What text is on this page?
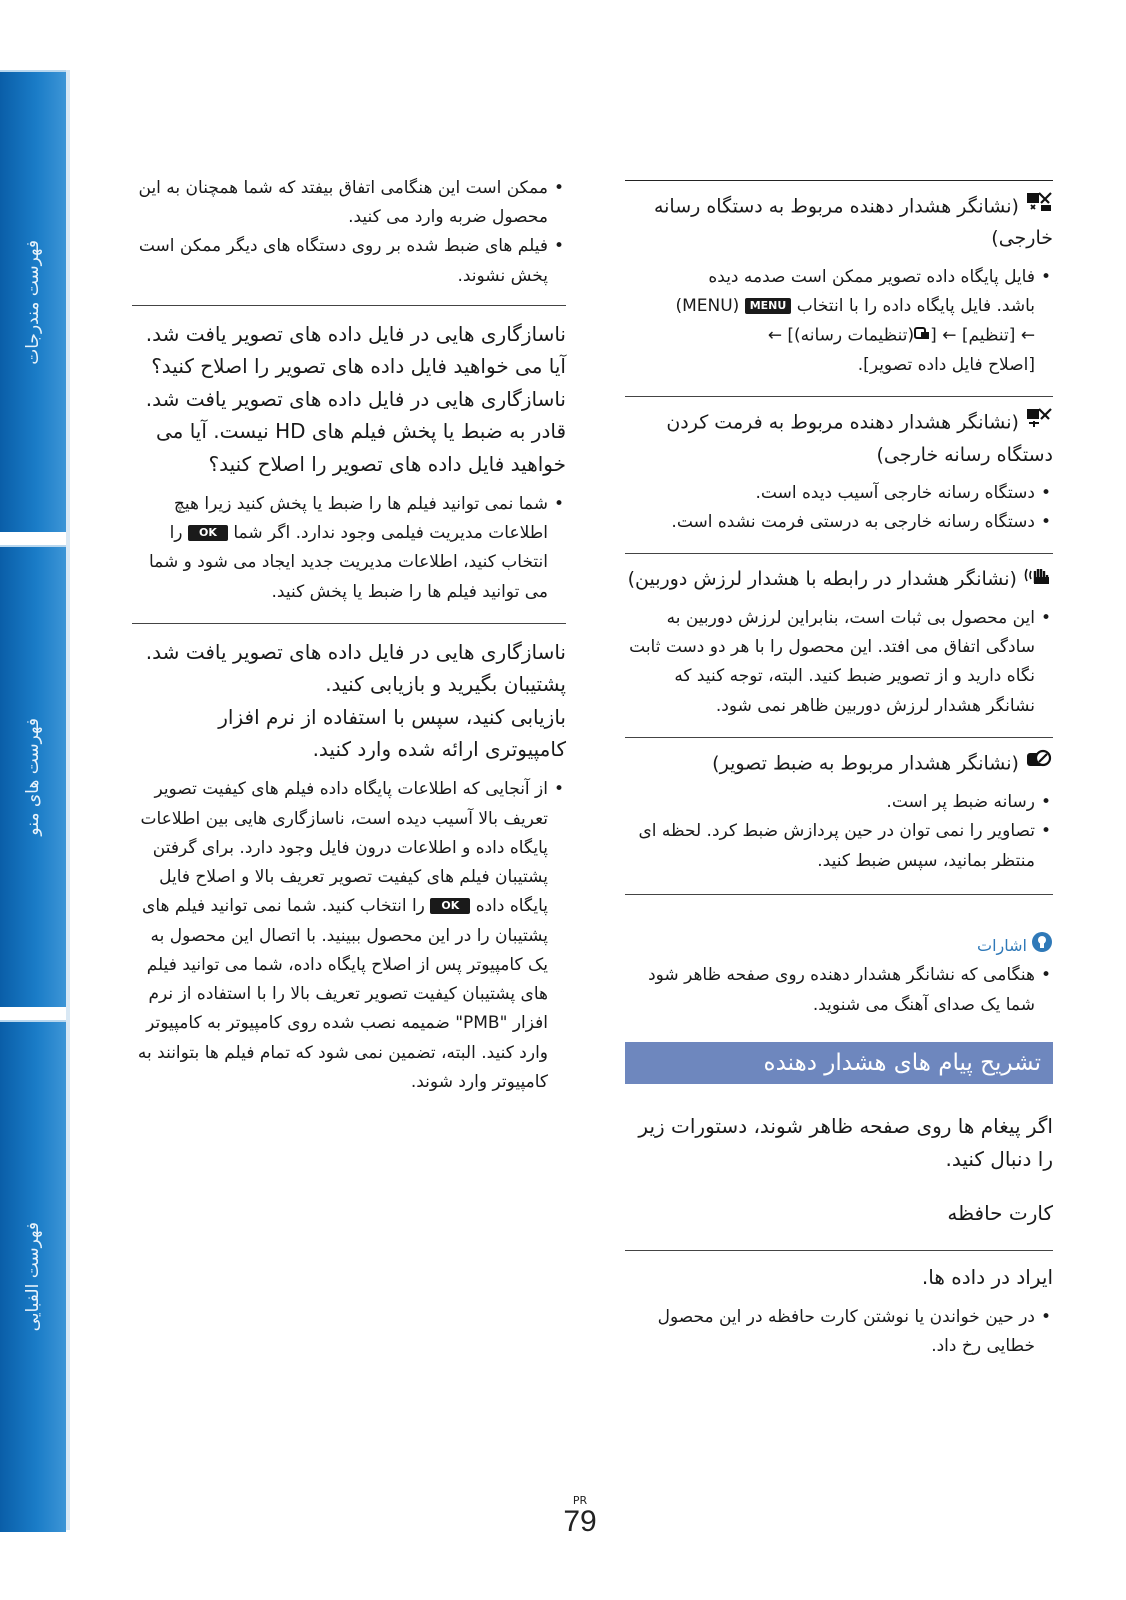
فهرست مندرجات
فهرست های منو
فهرست الفبایی

(نشانگر هشدار دهنده مربوط به دستگاه رسانه خارجی)

• فایل پایگاه داده تصویر ممکن است صدمه دیده
باشد. فایل پایگاه داده را با انتخاب MENU (MENU)
← [تنظیم] ← [(تنظیمات رسانه)] ←
[اصلاح فایل داده تصویر].

(نشانگر هشدار دهنده مربوط به فرمت کردن دستگاه رسانه خارجی)

• دستگاه رسانه خارجی آسیب دیده است.
• دستگاه رسانه خارجی به درستی فرمت نشده است.

(نشانگر هشدار در رابطه با هشدار لرزش دوربین)

• این محصول بی ثبات است، بنابراین لرزش دوربین به سادگی اتفاق می افتد. این محصول را با هر دو دست ثابت نگاه دارید و از تصویر ضبط کنید. البته، توجه کنید که نشانگر هشدار لرزش دوربین ظاهر نمی شود.

(نشانگر هشدار مربوط به ضبط تصویر)

• رسانه ضبط پر است.
• تصاویر را نمی توان در حین پردازش ضبط کرد. لحظه ای منتظر بمانید، سپس ضبط کنید.
اشارات
• هنگامی که نشانگر هشدار دهنده روی صفحه ظاهر شود شما یک صدای آهنگ می شنوید.
تشریح پیام های هشدار دهنده

اگر پیغام ها روی صفحه ظاهر شوند، دستورات زیر را دنبال کنید.

کارت حافظه

ایراد در داده ها.

• در حین خواندن یا نوشتن کارت حافظه در این محصول خطایی رخ داد.
• ممکن است این هنگامی اتفاق بیفتد که شما همچنان به این محصول ضربه وارد می کنید.
• فیلم های ضبط شده بر روی دستگاه های دیگر ممکن است پخش نشوند.

ناسازگاری هایی در فایل داده های تصویر یافت شد. آیا می خواهید فایل داده های تصویر را اصلاح کنید؟

ناسازگاری هایی در فایل داده های تصویر یافت شد. قادر به ضبط یا پخش فیلم های HD نیست. آیا می خواهید فایل داده های تصویر را اصلاح کنید؟

• شما نمی توانید فیلم ها را ضبط یا پخش کنید زیرا هیچ اطلاعات مدیریت فیلمی وجود ندارد. اگر شما OK را انتخاب کنید، اطلاعات مدیریت جدید ایجاد می شود و شما می توانید فیلم ها را ضبط یا پخش کنید.

ناسازگاری هایی در فایل داده های تصویر یافت شد. پشتیبان بگیرید و بازیابی کنید.

بازیابی کنید، سپس با استفاده از نرم افزار کامپیوتری ارائه شده وارد کنید.

• از آنجایی که اطلاعات پایگاه داده فیلم های کیفیت تصویر تعریف بالا آسیب دیده است، ناسازگاری هایی بین اطلاعات پایگاه داده و اطلاعات درون فایل وجود دارد. برای گرفتن پشتیبان فیلم های کیفیت تصویر تعریف بالا و اصلاح فایل پایگاه داده OK را انتخاب کنید. شما نمی توانید فیلم های پشتیبان را در این محصول ببینید. با اتصال این محصول به یک کامپیوتر پس از اصلاح پایگاه داده، شما می توانید فیلم های پشتیبان کیفیت تصویر تعریف بالا را با استفاده از نرم افزار "PMB" ضمیمه نصب شده روی کامپیوتر به کامپیوتر وارد کنید. البته، تضمین نمی شود که تمام فیلم ها بتوانند به کامپیوتر وارد شوند.
PR
79
